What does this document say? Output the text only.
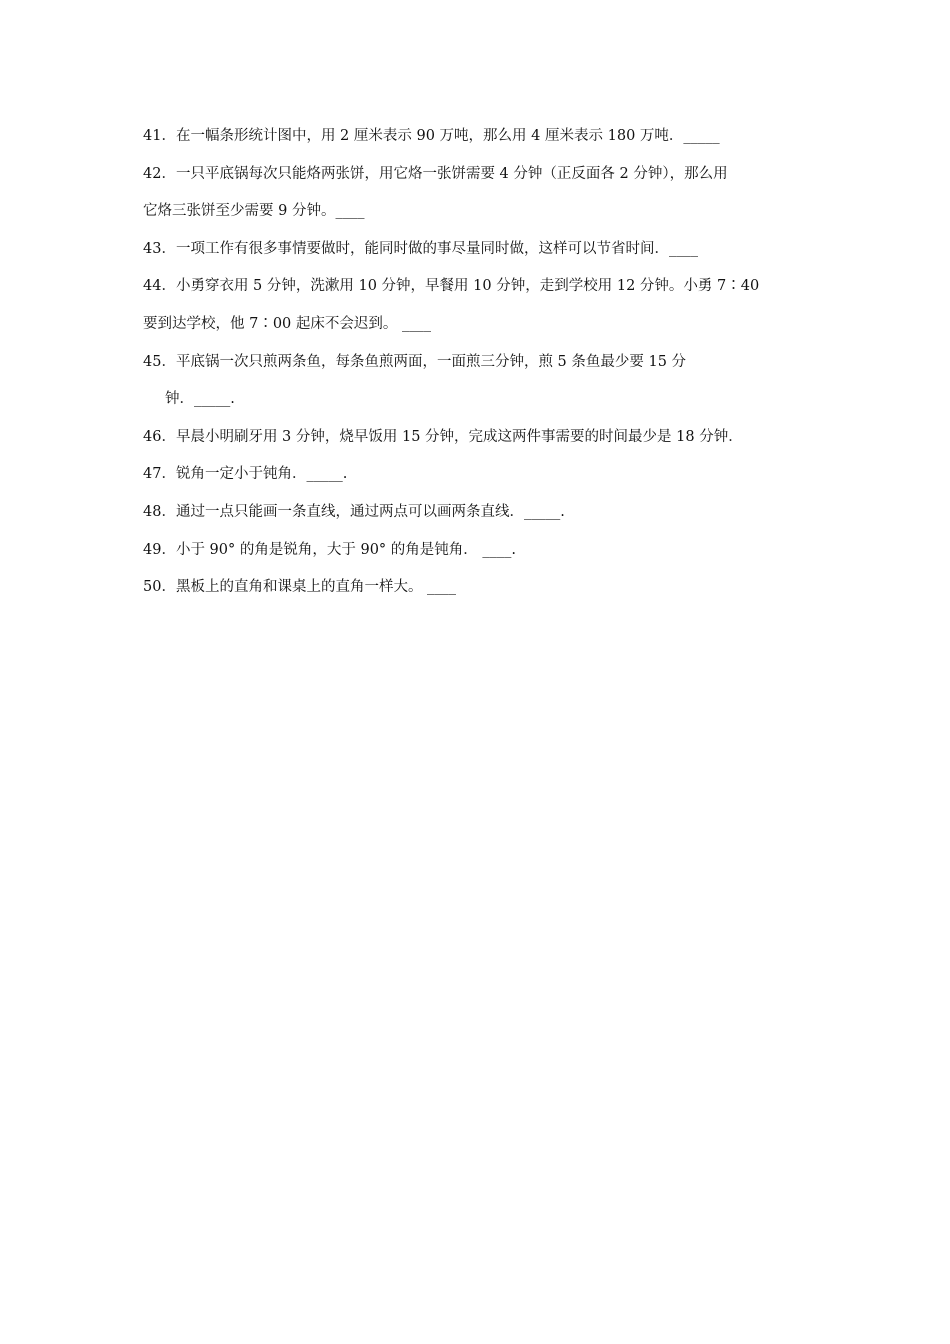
41．在一幅条形统计图中，用 2 厘米表示 90 万吨，那么用 4 厘米表示 180 万吨．_____
42．一只平底锅每次只能烙两张饼，用它烙一张饼需要 4 分钟（正反面各 2 分钟），那么用
它烙三张饼至少需要 9 分钟。____
43．一项工作有很多事情要做时，能同时做的事尽量同时做，这样可以节省时间．____
44．小勇穿衣用 5 分钟，洗漱用 10 分钟，早餐用 10 分钟，走到学校用 12 分钟。小勇 7∶40
要到达学校，他 7∶00 起床不会迟到。 ____
45．平底锅一次只煎两条鱼，每条鱼煎两面，一面煎三分钟，煎 5 条鱼最少要 15 分
钟．_____.
46．早晨小明刷牙用 3 分钟，烧早饭用 15 分钟，完成这两件事需要的时间最少是 18 分钟．
47．锐角一定小于钝角．_____.
48．通过一点只能画一条直线，通过两点可以画两条直线．_____.
49．小于 90° 的角是锐角，大于 90° 的角是钝角． ____.
50．黑板上的直角和课桌上的直角一样大。 ____
